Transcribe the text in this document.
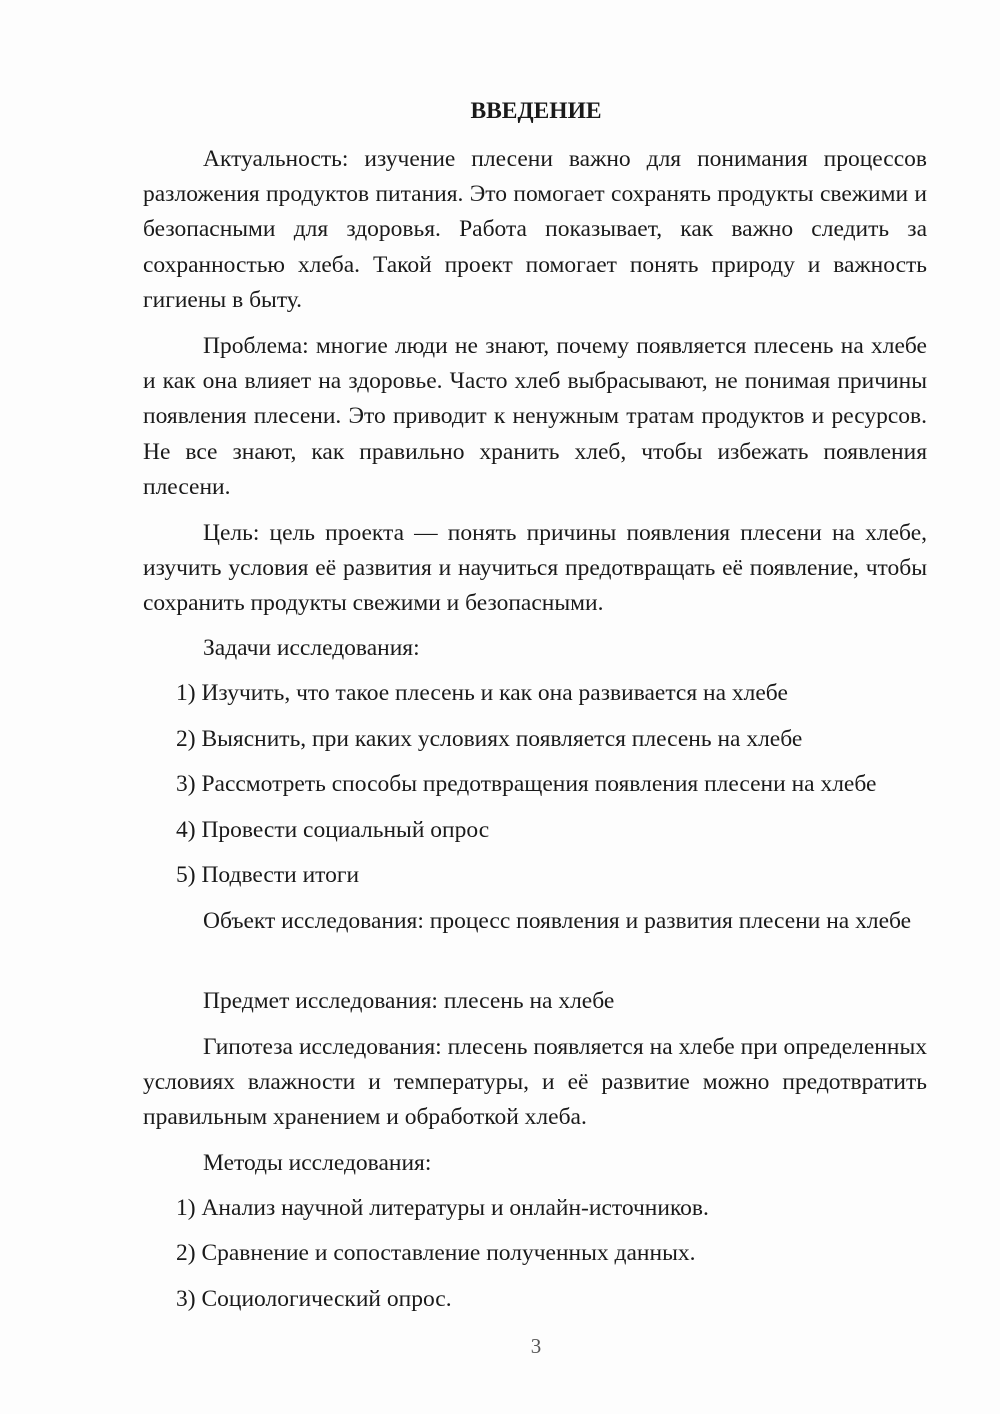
ВВЕДЕНИЕ
Актуальность: изучение плесени важно для понимания процессов разложения продуктов питания. Это помогает сохранять продукты свежими и безопасными для здоровья. Работа показывает, как важно следить за сохранностью хлеба. Такой проект помогает понять природу и важность гигиены в быту.
Проблема: многие люди не знают, почему появляется плесень на хлебе и как она влияет на здоровье. Часто хлеб выбрасывают, не понимая причины появления плесени. Это приводит к ненужным тратам продуктов и ресурсов. Не все знают, как правильно хранить хлеб, чтобы избежать появления плесени.
Цель: цель проекта — понять причины появления плесени на хлебе, изучить условия её развития и научиться предотвращать её появление, чтобы сохранить продукты свежими и безопасными.
Задачи исследования:
1) Изучить, что такое плесень и как она развивается на хлебе
2) Выяснить, при каких условиях появляется плесень на хлебе
3) Рассмотреть способы предотвращения появления плесени на хлебе
4) Провести социальный опрос
5) Подвести итоги
Объект исследования: процесс появления и развития плесени на хлебе
Предмет исследования: плесень на хлебе
Гипотеза исследования: плесень появляется на хлебе при определенных условиях влажности и температуры, и её развитие можно предотвратить правильным хранением и обработкой хлеба.
Методы исследования:
1) Анализ научной литературы и онлайн-источников.
2) Сравнение и сопоставление полученных данных.
3) Социологический опрос.
3
